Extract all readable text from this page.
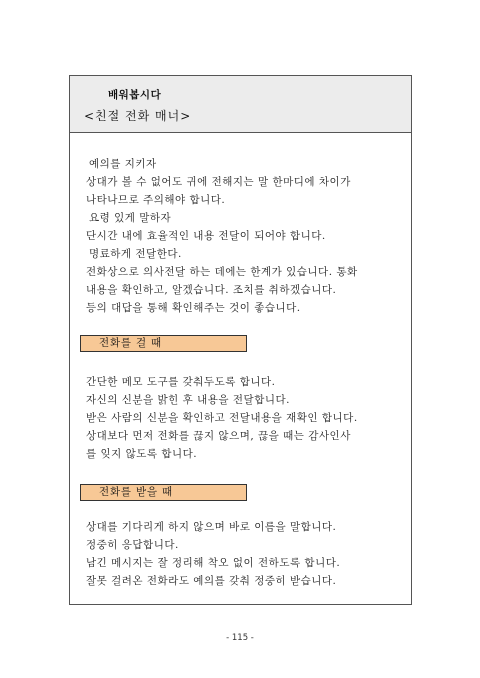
배워봅시다
<친절 전화 매너>
예의를 지키자
상대가 볼 수 없어도 귀에 전해지는 말 한마디에 차이가
나타나므로 주의해야 합니다.
요령 있게 말하자
단시간 내에 효율적인 내용 전달이 되어야 합니다.
명료하게 전달한다.
전화상으로 의사전달 하는 데에는 한계가 있습니다. 통화
내용을 확인하고, 알겠습니다. 조치를 취하겠습니다.
등의 대답을 통해 확인해주는 것이 좋습니다.
전화를 걸 때
간단한 메모 도구를 갖춰두도록 합니다.
자신의 신분을 밝힌 후 내용을 전달합니다.
받은 사람의 신분을 확인하고 전달내용을 재확인 합니다.
상대보다 먼저 전화를 끊지 않으며, 끊을 때는 감사인사
를 잊지 않도록 합니다.
전화를 받을 때
상대를 기다리게 하지 않으며 바로 이름을 말합니다.
정중히 응답합니다.
남긴 메시지는 잘 정리해 착오 없이 전하도록 합니다.
잘못 걸려온 전화라도 예의를 갖춰 정중히 받습니다.
- 115 -
